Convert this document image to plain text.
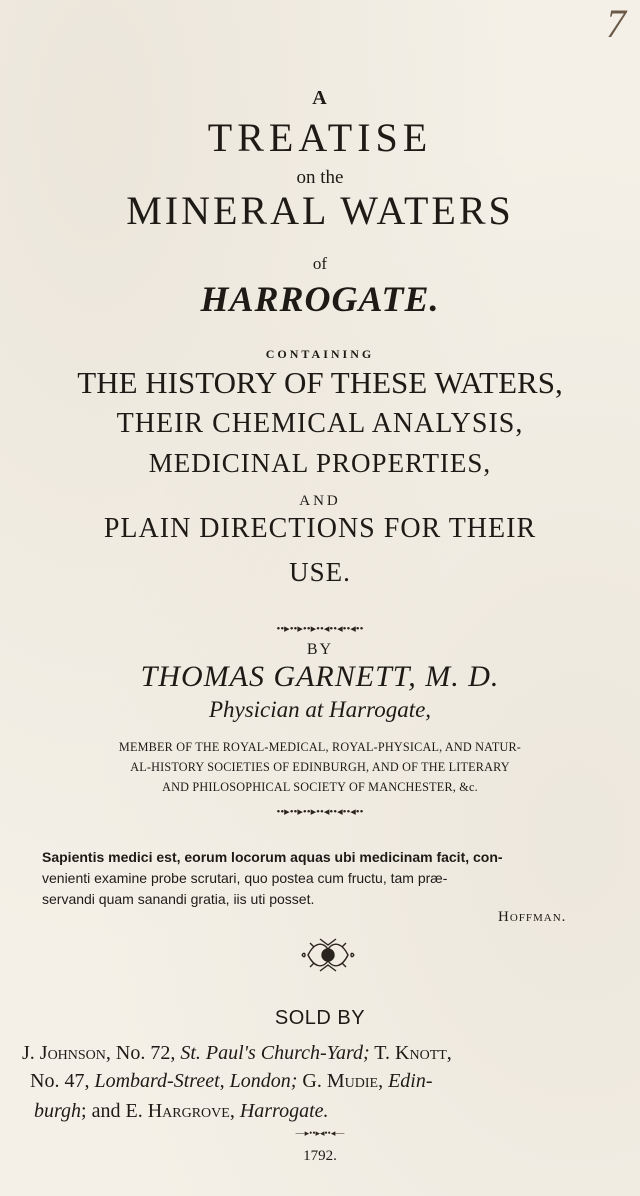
7
A
TREATISE
on the
MINERAL WATERS
of
HARROGATE.
CONTAINING
THE HISTORY OF THESE WATERS,
THEIR CHEMICAL ANALYSIS,
MEDICINAL PROPERTIES,
AND
PLAIN DIRECTIONS FOR THEIR
USE.
••▸••▸••▸••◂••◂••◂••
BY
THOMAS GARNETT, M. D.
Physician at Harrogate,
MEMBER OF THE ROYAL-MEDICAL, ROYAL-PHYSICAL, AND NATUR-
AL-HISTORY SOCIETIES OF EDINBURGH, AND OF THE LITERARY
AND PHILOSOPHICAL SOCIETY OF MANCHESTER, &c.
••▸••▸••▸••◂••◂••◂••
Sapientis medici est, eorum locorum aquas ubi medicinam facit, con-
venienti examine probe scrutari, quo postea cum fructu, tam præ-
servandi quam sanandi gratia, iis uti posset.
Hoffman.
SOLD BY
J. Johnson, No. 72, St. Paul's Church-Yard; T. Knott,
No. 47, Lombard-Street, London; G. Mudie, Edin-
burgh; and E. Hargrove, Harrogate.
—▸••▸◂••◂—
1792.
